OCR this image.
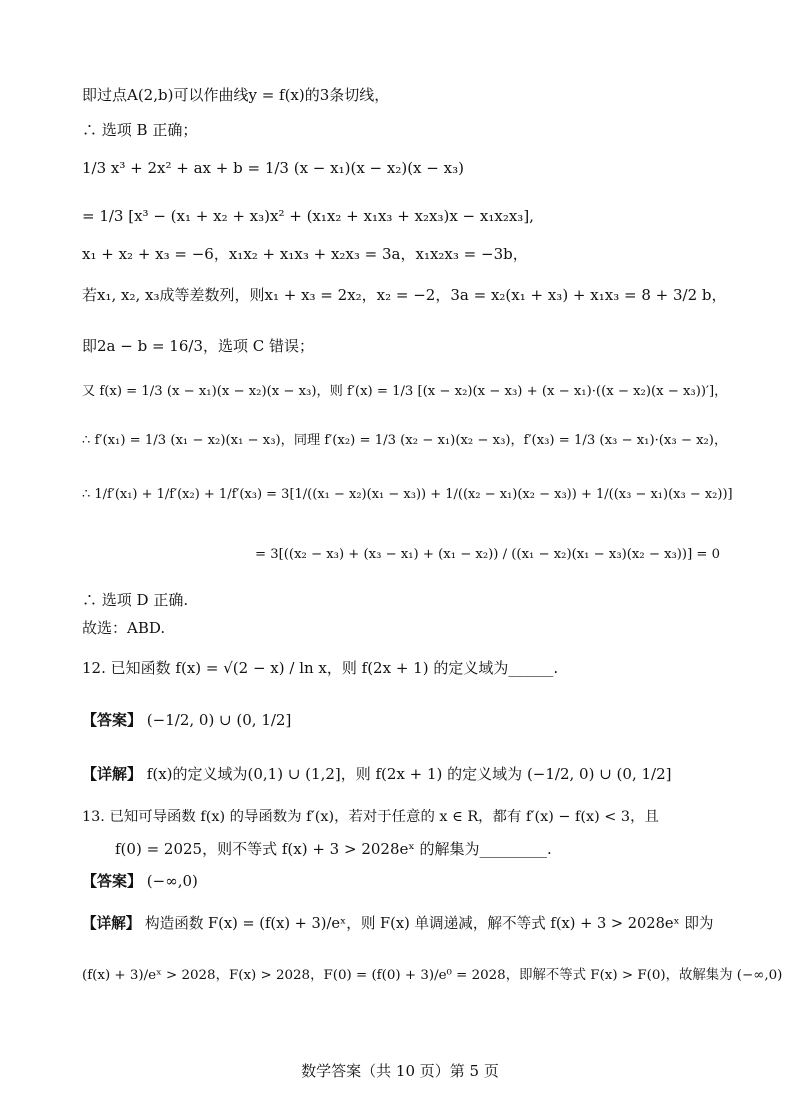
即过点A(2,b)可以作曲线y = f(x)的3条切线，
∴ 选项 B 正确；
1/3 x³ + 2x² + ax + b = 1/3 (x − x₁)(x − x₂)(x − x₃)
= 1/3 [x³ − (x₁ + x₂ + x₃)x² + (x₁x₂ + x₁x₃ + x₂x₃)x − x₁x₂x₃],
x₁ + x₂ + x₃ = −6，x₁x₂ + x₁x₃ + x₂x₃ = 3a，x₁x₂x₃ = −3b，
若x₁, x₂, x₃成等差数列，则x₁ + x₃ = 2x₂，x₂ = −2，3a = x₂(x₁ + x₃) + x₁x₃ = 8 + 3/2 b，
即2a − b = 16/3，选项 C 错误；
又 f(x) = 1/3 (x − x₁)(x − x₂)(x − x₃)，则 f′(x) = 1/3 [(x − x₂)(x − x₃) + (x − x₁)·((x − x₂)(x − x₃))′]，
∴ f′(x₁) = 1/3 (x₁ − x₂)(x₁ − x₃)，同理 f′(x₂) = 1/3 (x₂ − x₁)(x₂ − x₃)，f′(x₃) = 1/3 (x₃ − x₁)·(x₃ − x₂)，
∴ 1/f′(x₁) + 1/f′(x₂) + 1/f′(x₃) = 3[1/((x₁ − x₂)(x₁ − x₃)) + 1/((x₂ − x₁)(x₂ − x₃)) + 1/((x₃ − x₁)(x₃ − x₂))]
= 3[((x₂ − x₃) + (x₃ − x₁) + (x₁ − x₂)) / ((x₁ − x₂)(x₁ − x₃)(x₂ − x₃))] = 0
∴ 选项 D 正确.
故选：ABD.
12. 已知函数 f(x) = √(2 − x) / ln x，则 f(2x + 1) 的定义域为______.
【答案】 (−1/2, 0) ∪ (0, 1/2]
【详解】 f(x)的定义域为(0,1) ∪ (1,2]，则 f(2x + 1) 的定义域为 (−1/2, 0) ∪ (0, 1/2]
13. 已知可导函数 f(x) 的导函数为 f′(x)，若对于任意的 x ∈ R，都有 f′(x) − f(x) < 3，且
f(0) = 2025，则不等式 f(x) + 3 > 2028eˣ 的解集为_________.
【答案】 (−∞,0)
【详解】 构造函数 F(x) = (f(x) + 3)/eˣ，则 F(x) 单调递减，解不等式 f(x) + 3 > 2028eˣ 即为
(f(x) + 3)/eˣ > 2028，F(x) > 2028，F(0) = (f(0) + 3)/e⁰ = 2028，即解不等式 F(x) > F(0)，故解集为 (−∞,0)
数学答案（共 10 页）第 5 页
